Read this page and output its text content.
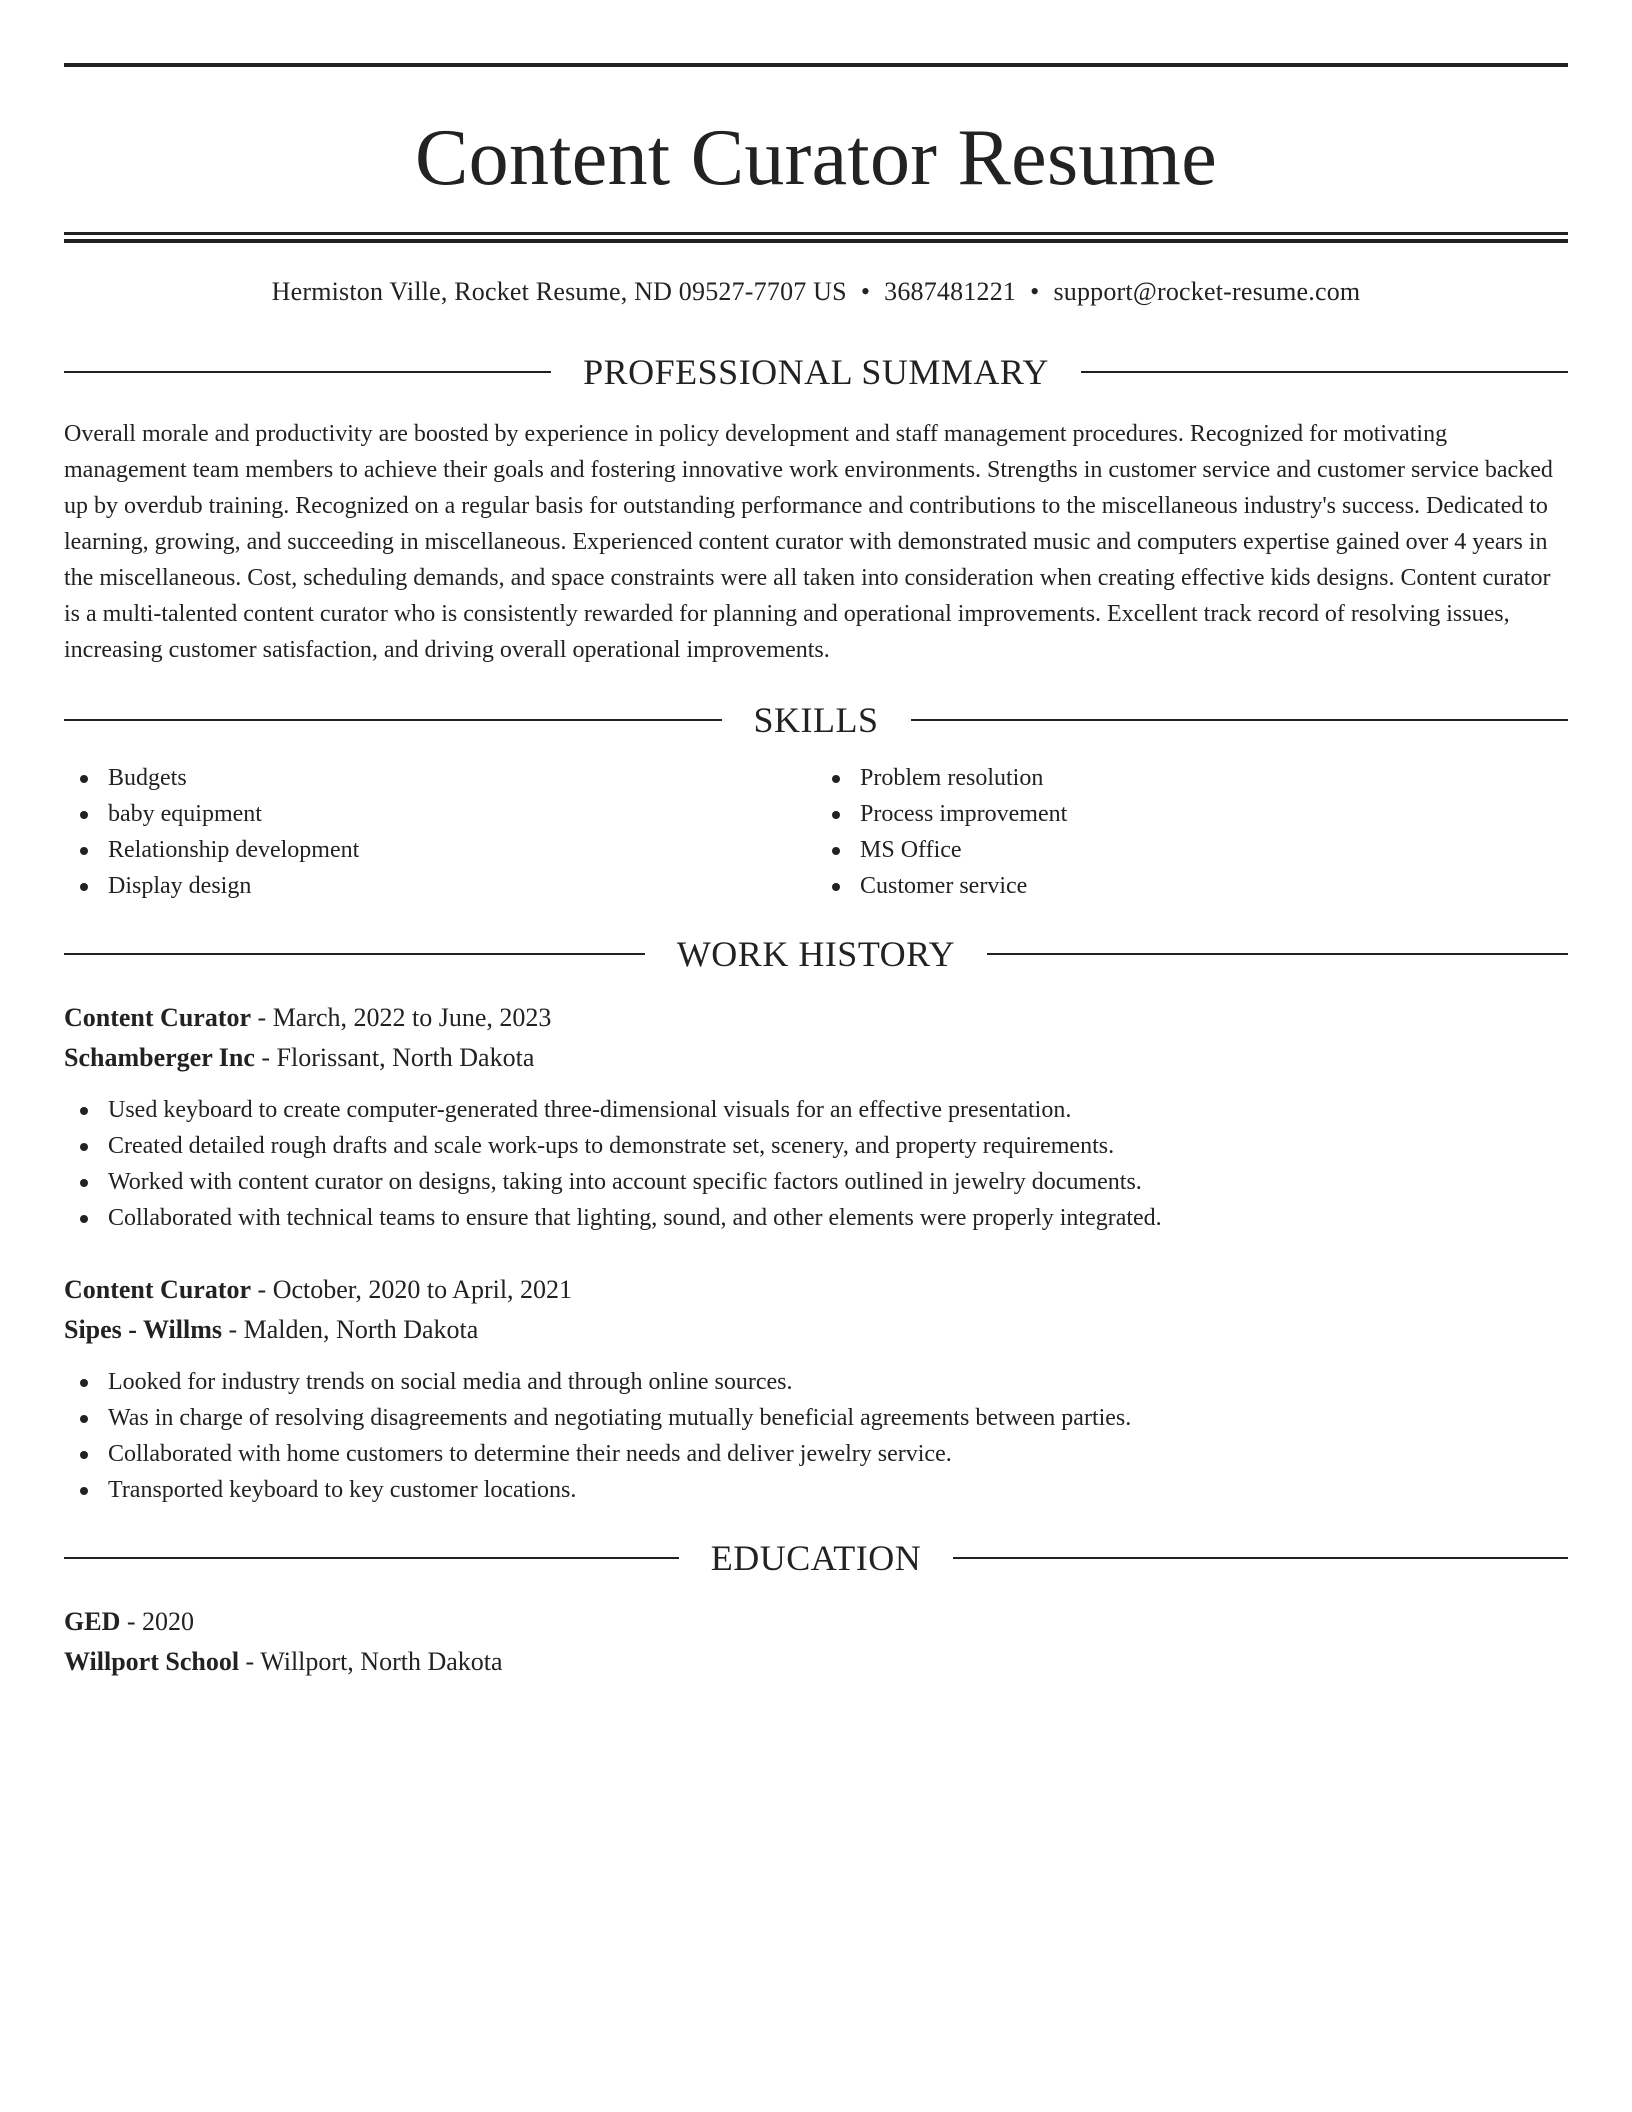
Content Curator Resume
Hermiston Ville, Rocket Resume, ND 09527-7707 US • 3687481221 • support@rocket-resume.com
PROFESSIONAL SUMMARY

Overall morale and productivity are boosted by experience in policy development and staff management procedures. Recognized for motivating management team members to achieve their goals and fostering innovative work environments. Strengths in customer service and customer service backed up by overdub training. Recognized on a regular basis for outstanding performance and contributions to the miscellaneous industry's success. Dedicated to learning, growing, and succeeding in miscellaneous. Experienced content curator with demonstrated music and computers expertise gained over 4 years in the miscellaneous. Cost, scheduling demands, and space constraints were all taken into consideration when creating effective kids designs. Content curator is a multi-talented content curator who is consistently rewarded for planning and operational improvements. Excellent track record of resolving issues, increasing customer satisfaction, and driving overall operational improvements.

SKILLS
Budgets
baby equipment
Relationship development
Display design
Problem resolution
Process improvement
MS Office
Customer service
WORK HISTORY
Content Curator - March, 2022 to June, 2023
Schamberger Inc - Florissant, North Dakota
Used keyboard to create computer-generated three-dimensional visuals for an effective presentation.
Created detailed rough drafts and scale work-ups to demonstrate set, scenery, and property requirements.
Worked with content curator on designs, taking into account specific factors outlined in jewelry documents.
Collaborated with technical teams to ensure that lighting, sound, and other elements were properly integrated.
Content Curator - October, 2020 to April, 2021
Sipes - Willms - Malden, North Dakota
Looked for industry trends on social media and through online sources.
Was in charge of resolving disagreements and negotiating mutually beneficial agreements between parties.
Collaborated with home customers to determine their needs and deliver jewelry service.
Transported keyboard to key customer locations.
EDUCATION
GED - 2020
Willport School - Willport, North Dakota
